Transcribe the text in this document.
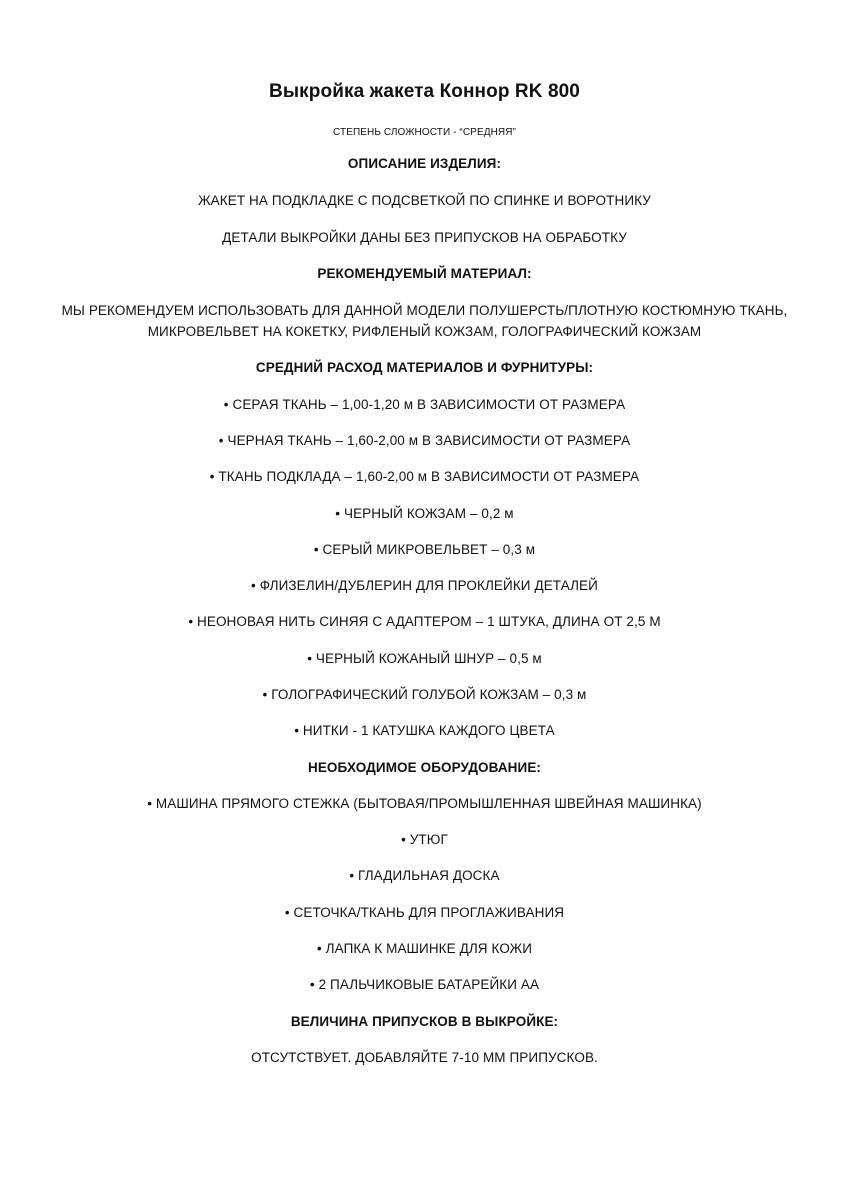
Выкройка жакета Коннор RK 800
СТЕПЕНЬ СЛОЖНОСТИ - “СРЕДНЯЯ”
ОПИСАНИЕ ИЗДЕЛИЯ:
ЖАКЕТ НА ПОДКЛАДКЕ С ПОДСВЕТКОЙ ПО СПИНКЕ И ВОРОТНИКУ
ДЕТАЛИ ВЫКРОЙКИ ДАНЫ БЕЗ ПРИПУСКОВ НА ОБРАБОТКУ
РЕКОМЕНДУЕМЫЙ МАТЕРИАЛ:
МЫ РЕКОМЕНДУЕМ ИСПОЛЬЗОВАТЬ ДЛЯ ДАННОЙ МОДЕЛИ ПОЛУШЕРСТЬ/ПЛОТНУЮ КОСТЮМНУЮ ТКАНЬ,
МИКРОВЕЛЬВЕТ НА КОКЕТКУ, РИФЛЕНЫЙ КОЖЗАМ, ГОЛОГРАФИЧЕСКИЙ КОЖЗАМ
СРЕДНИЙ РАСХОД МАТЕРИАЛОВ И ФУРНИТУРЫ:
• СЕРАЯ ТКАНЬ – 1,00-1,20 м В ЗАВИСИМОСТИ ОТ РАЗМЕРА
• ЧЕРНАЯ ТКАНЬ – 1,60-2,00 м В ЗАВИСИМОСТИ ОТ РАЗМЕРА
• ТКАНЬ ПОДКЛАДА – 1,60-2,00 м В ЗАВИСИМОСТИ ОТ РАЗМЕРА
• ЧЕРНЫЙ КОЖЗАМ – 0,2 м
• СЕРЫЙ МИКРОВЕЛЬВЕТ – 0,3 м
• ФЛИЗЕЛИН/ДУБЛЕРИН ДЛЯ ПРОКЛЕЙКИ ДЕТАЛЕЙ
• НЕОНОВАЯ НИТЬ СИНЯЯ С АДАПТЕРОМ – 1 ШТУКА, ДЛИНА ОТ 2,5 М
• ЧЕРНЫЙ КОЖАНЫЙ ШНУР – 0,5 м
• ГОЛОГРАФИЧЕСКИЙ ГОЛУБОЙ КОЖЗАМ – 0,3 м
• НИТКИ - 1 КАТУШКА КАЖДОГО ЦВЕТА
НЕОБХОДИМОЕ ОБОРУДОВАНИЕ:
• МАШИНА ПРЯМОГО СТЕЖКА (БЫТОВАЯ/ПРОМЫШЛЕННАЯ ШВЕЙНАЯ МАШИНКА)
• УТЮГ
• ГЛАДИЛЬНАЯ ДОСКА
• СЕТОЧКА/ТКАНЬ ДЛЯ ПРОГЛАЖИВАНИЯ
• ЛАПКА К МАШИНКЕ ДЛЯ КОЖИ
• 2 ПАЛЬЧИКОВЫЕ БАТАРЕЙКИ АА
ВЕЛИЧИНА ПРИПУСКОВ В ВЫКРОЙКЕ:
ОТСУТСТВУЕТ. ДОБАВЛЯЙТЕ 7-10 ММ ПРИПУСКОВ.
